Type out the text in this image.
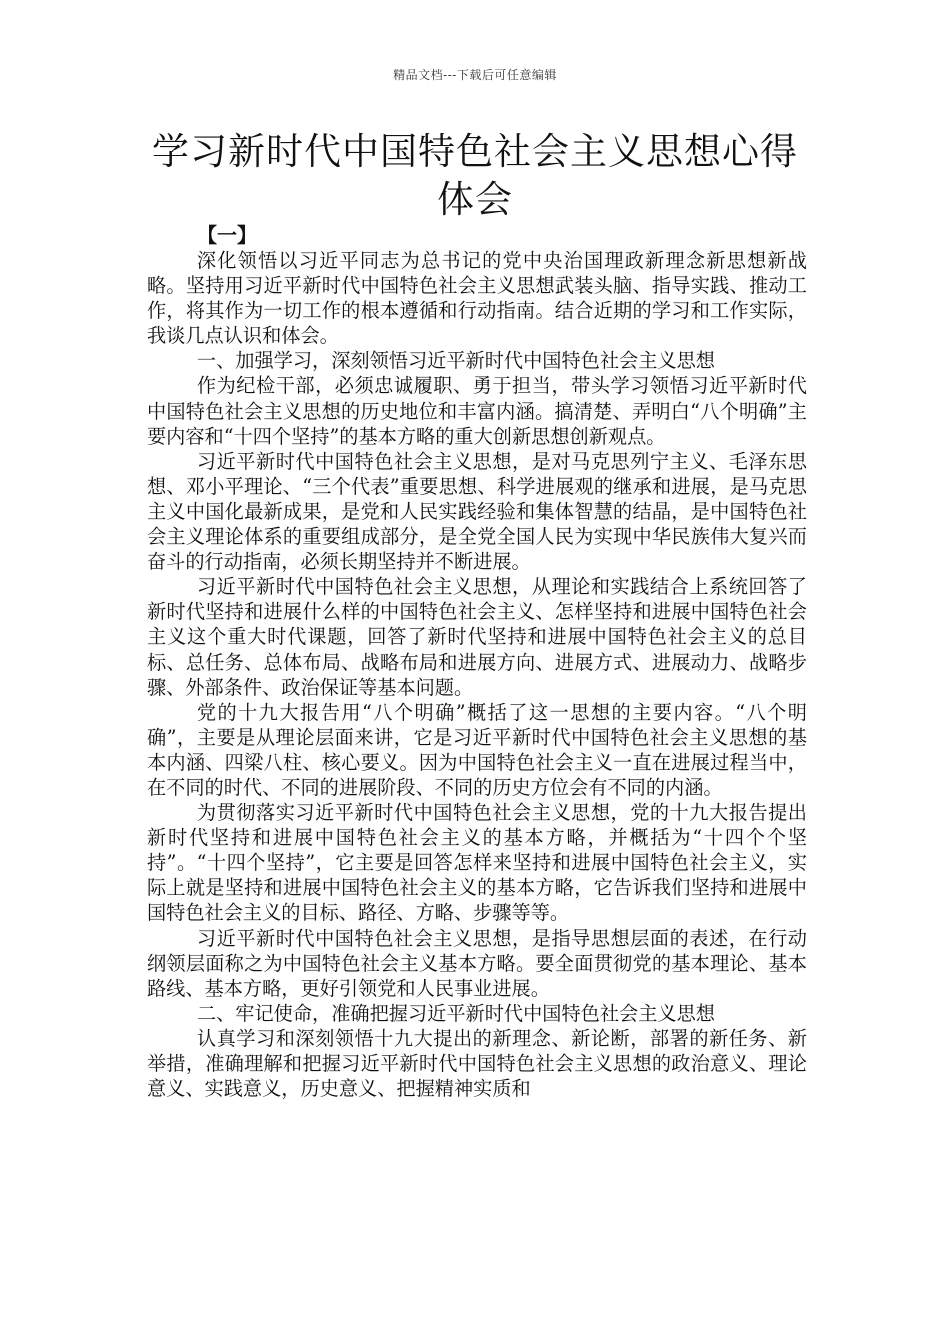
精品文档---下载后可任意编辑
学习新时代中国特色社会主义思想心得体会

【一】

深化领悟以习近平同志为总书记的党中央治国理政新理念新思想新战略。坚持用习近平新时代中国特色社会主义思想武装头脑、指导实践、推动工作，将其作为一切工作的根本遵循和行动指南。结合近期的学习和工作实际，我谈几点认识和体会。

一、加强学习，深刻领悟习近平新时代中国特色社会主义思想

作为纪检干部，必须忠诚履职、勇于担当，带头学习领悟习近平新时代中国特色社会主义思想的历史地位和丰富内涵。搞清楚、弄明白“八个明确”主要内容和“十四个坚持”的基本方略的重大创新思想创新观点。

习近平新时代中国特色社会主义思想，是对马克思列宁主义、毛泽东思想、邓小平理论、“三个代表”重要思想、科学进展观的继承和进展，是马克思主义中国化最新成果，是党和人民实践经验和集体智慧的结晶，是中国特色社会主义理论体系的重要组成部分，是全党全国人民为实现中华民族伟大复兴而奋斗的行动指南，必须长期坚持并不断进展。

习近平新时代中国特色社会主义思想，从理论和实践结合上系统回答了新时代坚持和进展什么样的中国特色社会主义、怎样坚持和进展中国特色社会主义这个重大时代课题，回答了新时代坚持和进展中国特色社会主义的总目标、总任务、总体布局、战略布局和进展方向、进展方式、进展动力、战略步骤、外部条件、政治保证等基本问题。

党的十九大报告用“八个明确”概括了这一思想的主要内容。“八个明确”，主要是从理论层面来讲，它是习近平新时代中国特色社会主义思想的基本内涵、四梁八柱、核心要义。因为中国特色社会主义一直在进展过程当中，在不同的时代、不同的进展阶段、不同的历史方位会有不同的内涵。

为贯彻落实习近平新时代中国特色社会主义思想，党的十九大报告提出新时代坚持和进展中国特色社会主义的基本方略，并概括为“十四个个坚持”。“十四个坚持”，它主要是回答怎样来坚持和进展中国特色社会主义，实际上就是坚持和进展中国特色社会主义的基本方略，它告诉我们坚持和进展中国特色社会主义的目标、路径、方略、步骤等等。

习近平新时代中国特色社会主义思想，是指导思想层面的表述，在行动纲领层面称之为中国特色社会主义基本方略。要全面贯彻党的基本理论、基本路线、基本方略，更好引领党和人民事业进展。

二、牢记使命，准确把握习近平新时代中国特色社会主义思想

认真学习和深刻领悟十九大提出的新理念、新论断，部署的新任务、新举措，准确理解和把握习近平新时代中国特色社会主义思想的政治意义、理论意义、实践意义，历史意义、把握精神实质和
